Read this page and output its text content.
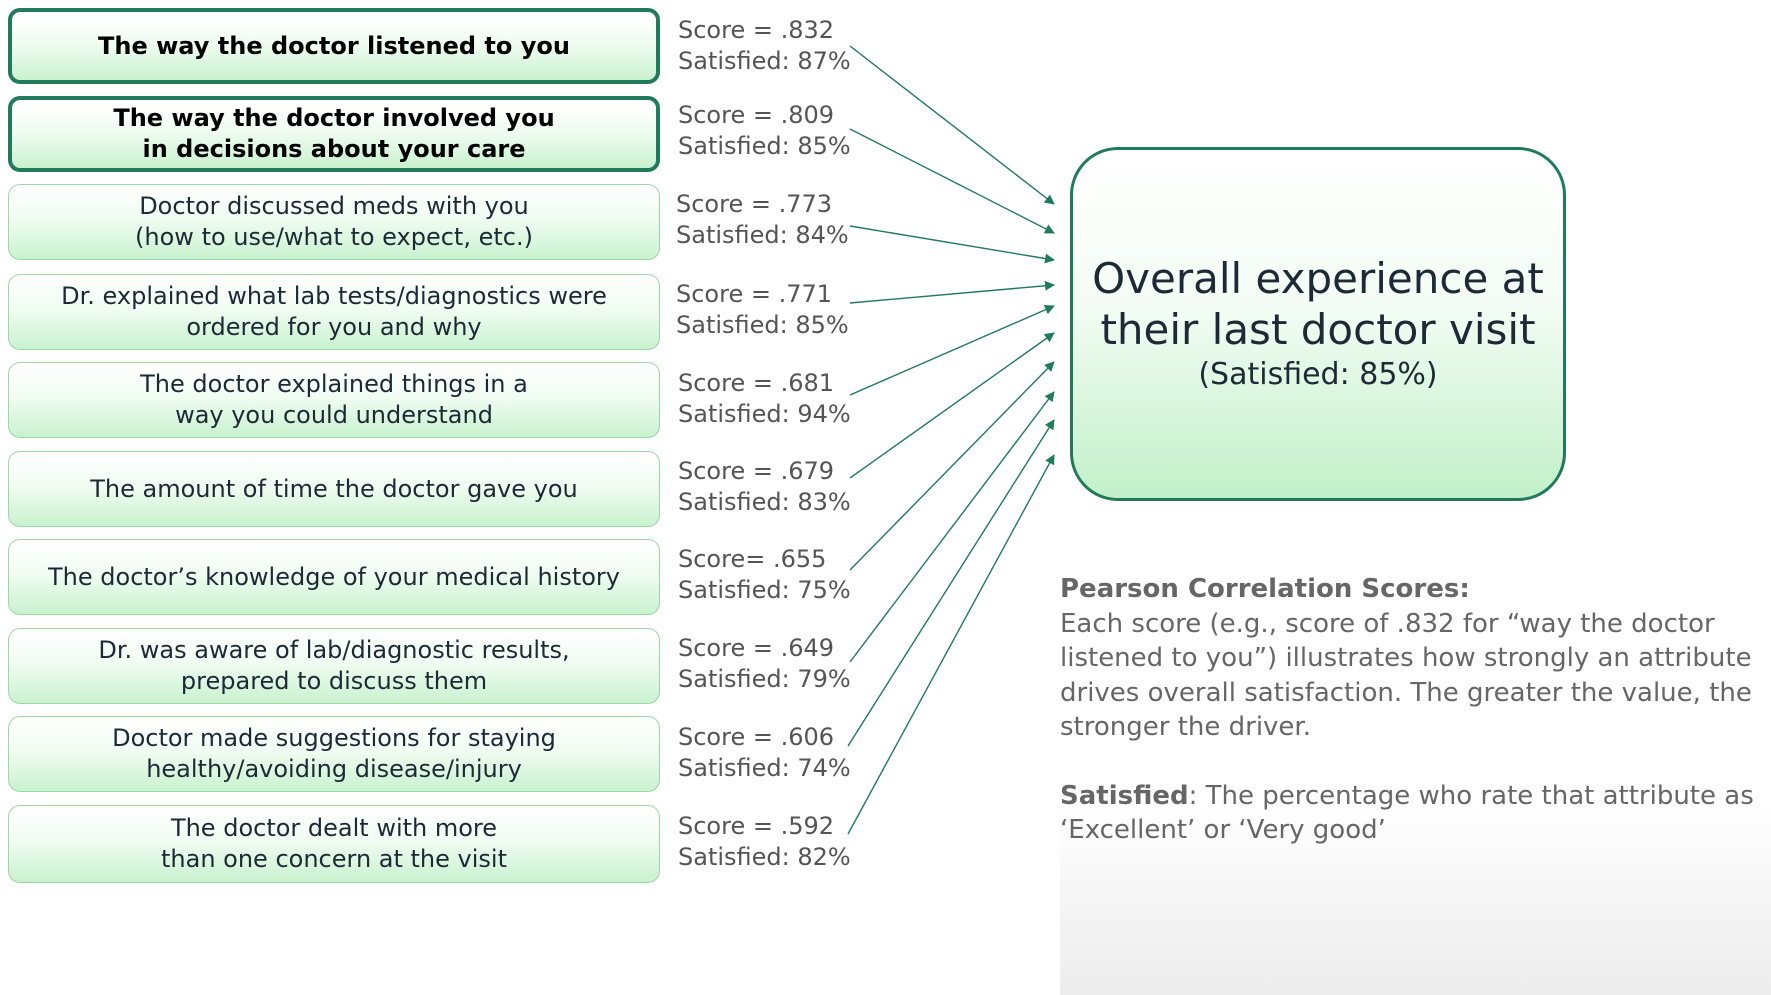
The way the doctor listened to you
The way the doctor involved you
in decisions about your care
Doctor discussed meds with you
(how to use/what to expect, etc.)
Dr. explained what lab tests/diagnostics were
ordered for you and why
The doctor explained things in a
way you could understand
The amount of time the doctor gave you
The doctor’s knowledge of your medical history
Dr. was aware of lab/diagnostic results,
prepared to discuss them
Doctor made suggestions for staying
healthy/avoiding disease/injury
The doctor dealt with more
than one concern at the visit
Score = .832
Satisfied: 87%
Score = .809
Satisfied: 85%
Score = .773
Satisfied: 84%
Score = .771
Satisfied: 85%
Score = .681
Satisfied: 94%
Score = .679
Satisfied: 83%
Score= .655
Satisfied: 75%
Score = .649
Satisfied: 79%
Score = .606
Satisfied: 74%
Score = .592
Satisfied: 82%
Overall experience at
their last doctor visit
(Satisfied: 85%)
Pearson Correlation Scores:
Each score (e.g., score of .832 for “way the doctor listened to you”) illustrates how strongly an attribute drives overall satisfaction. The greater the value, the stronger the driver.
Satisfied: The percentage who rate that attribute as ‘Excellent’ or ‘Very good’
